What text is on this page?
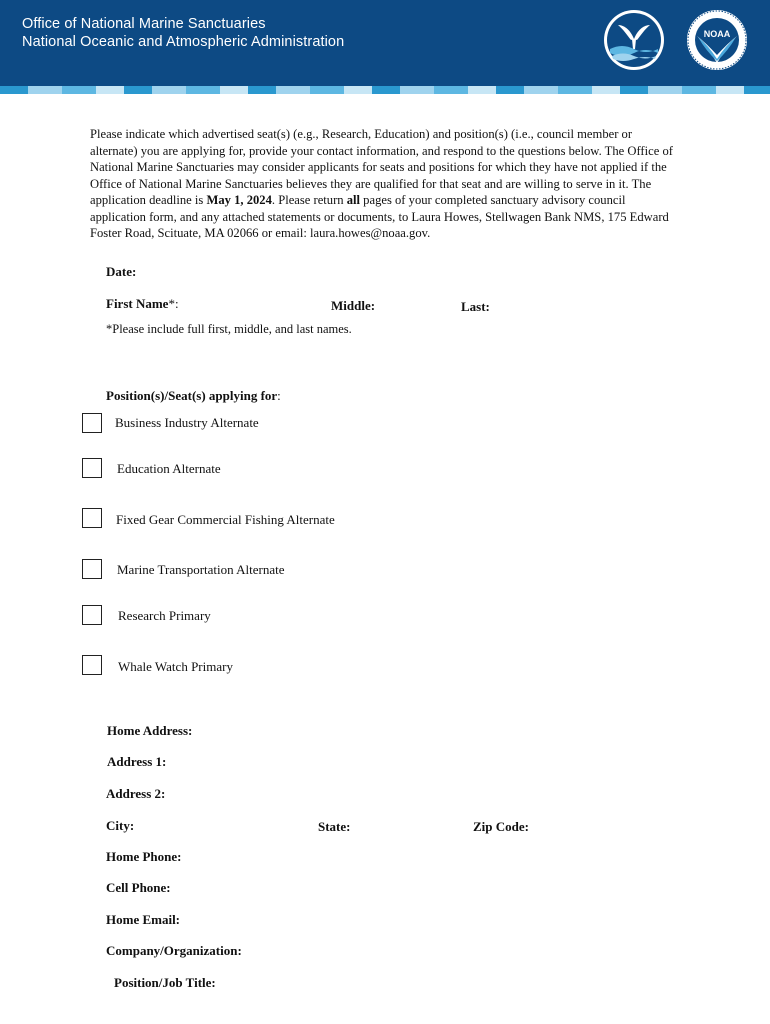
Office of National Marine Sanctuaries
National Oceanic and Atmospheric Administration	NOAA
Please indicate which advertised seat(s) (e.g., Research, Education) and position(s) (i.e., council member or alternate) you are applying for, provide your contact information, and respond to the questions below. The Office of National Marine Sanctuaries may consider applicants for seats and positions for which they have not applied if the Office of National Marine Sanctuaries believes they are qualified for that seat and are willing to serve in it. The application deadline is May 1, 2024. Please return all pages of your completed sanctuary advisory council application form, and any attached statements or documents, to Laura Howes, Stellwagen Bank NMS, 175 Edward Foster Road, Scituate, MA 02066 or email: laura.howes@noaa.gov.
Date:
First Name*:	Middle:	Last:
*Please include full first, middle, and last names.
Position(s)/Seat(s) applying for:
Business Industry Alternate
Education Alternate
Fixed Gear Commercial Fishing Alternate
Marine Transportation Alternate
Research Primary
Whale Watch Primary
Home Address:
Address 1:
Address 2:
City:	State:	Zip Code:
Home Phone:
Cell Phone:
Home Email:
Company/Organization:
Position/Job Title:
